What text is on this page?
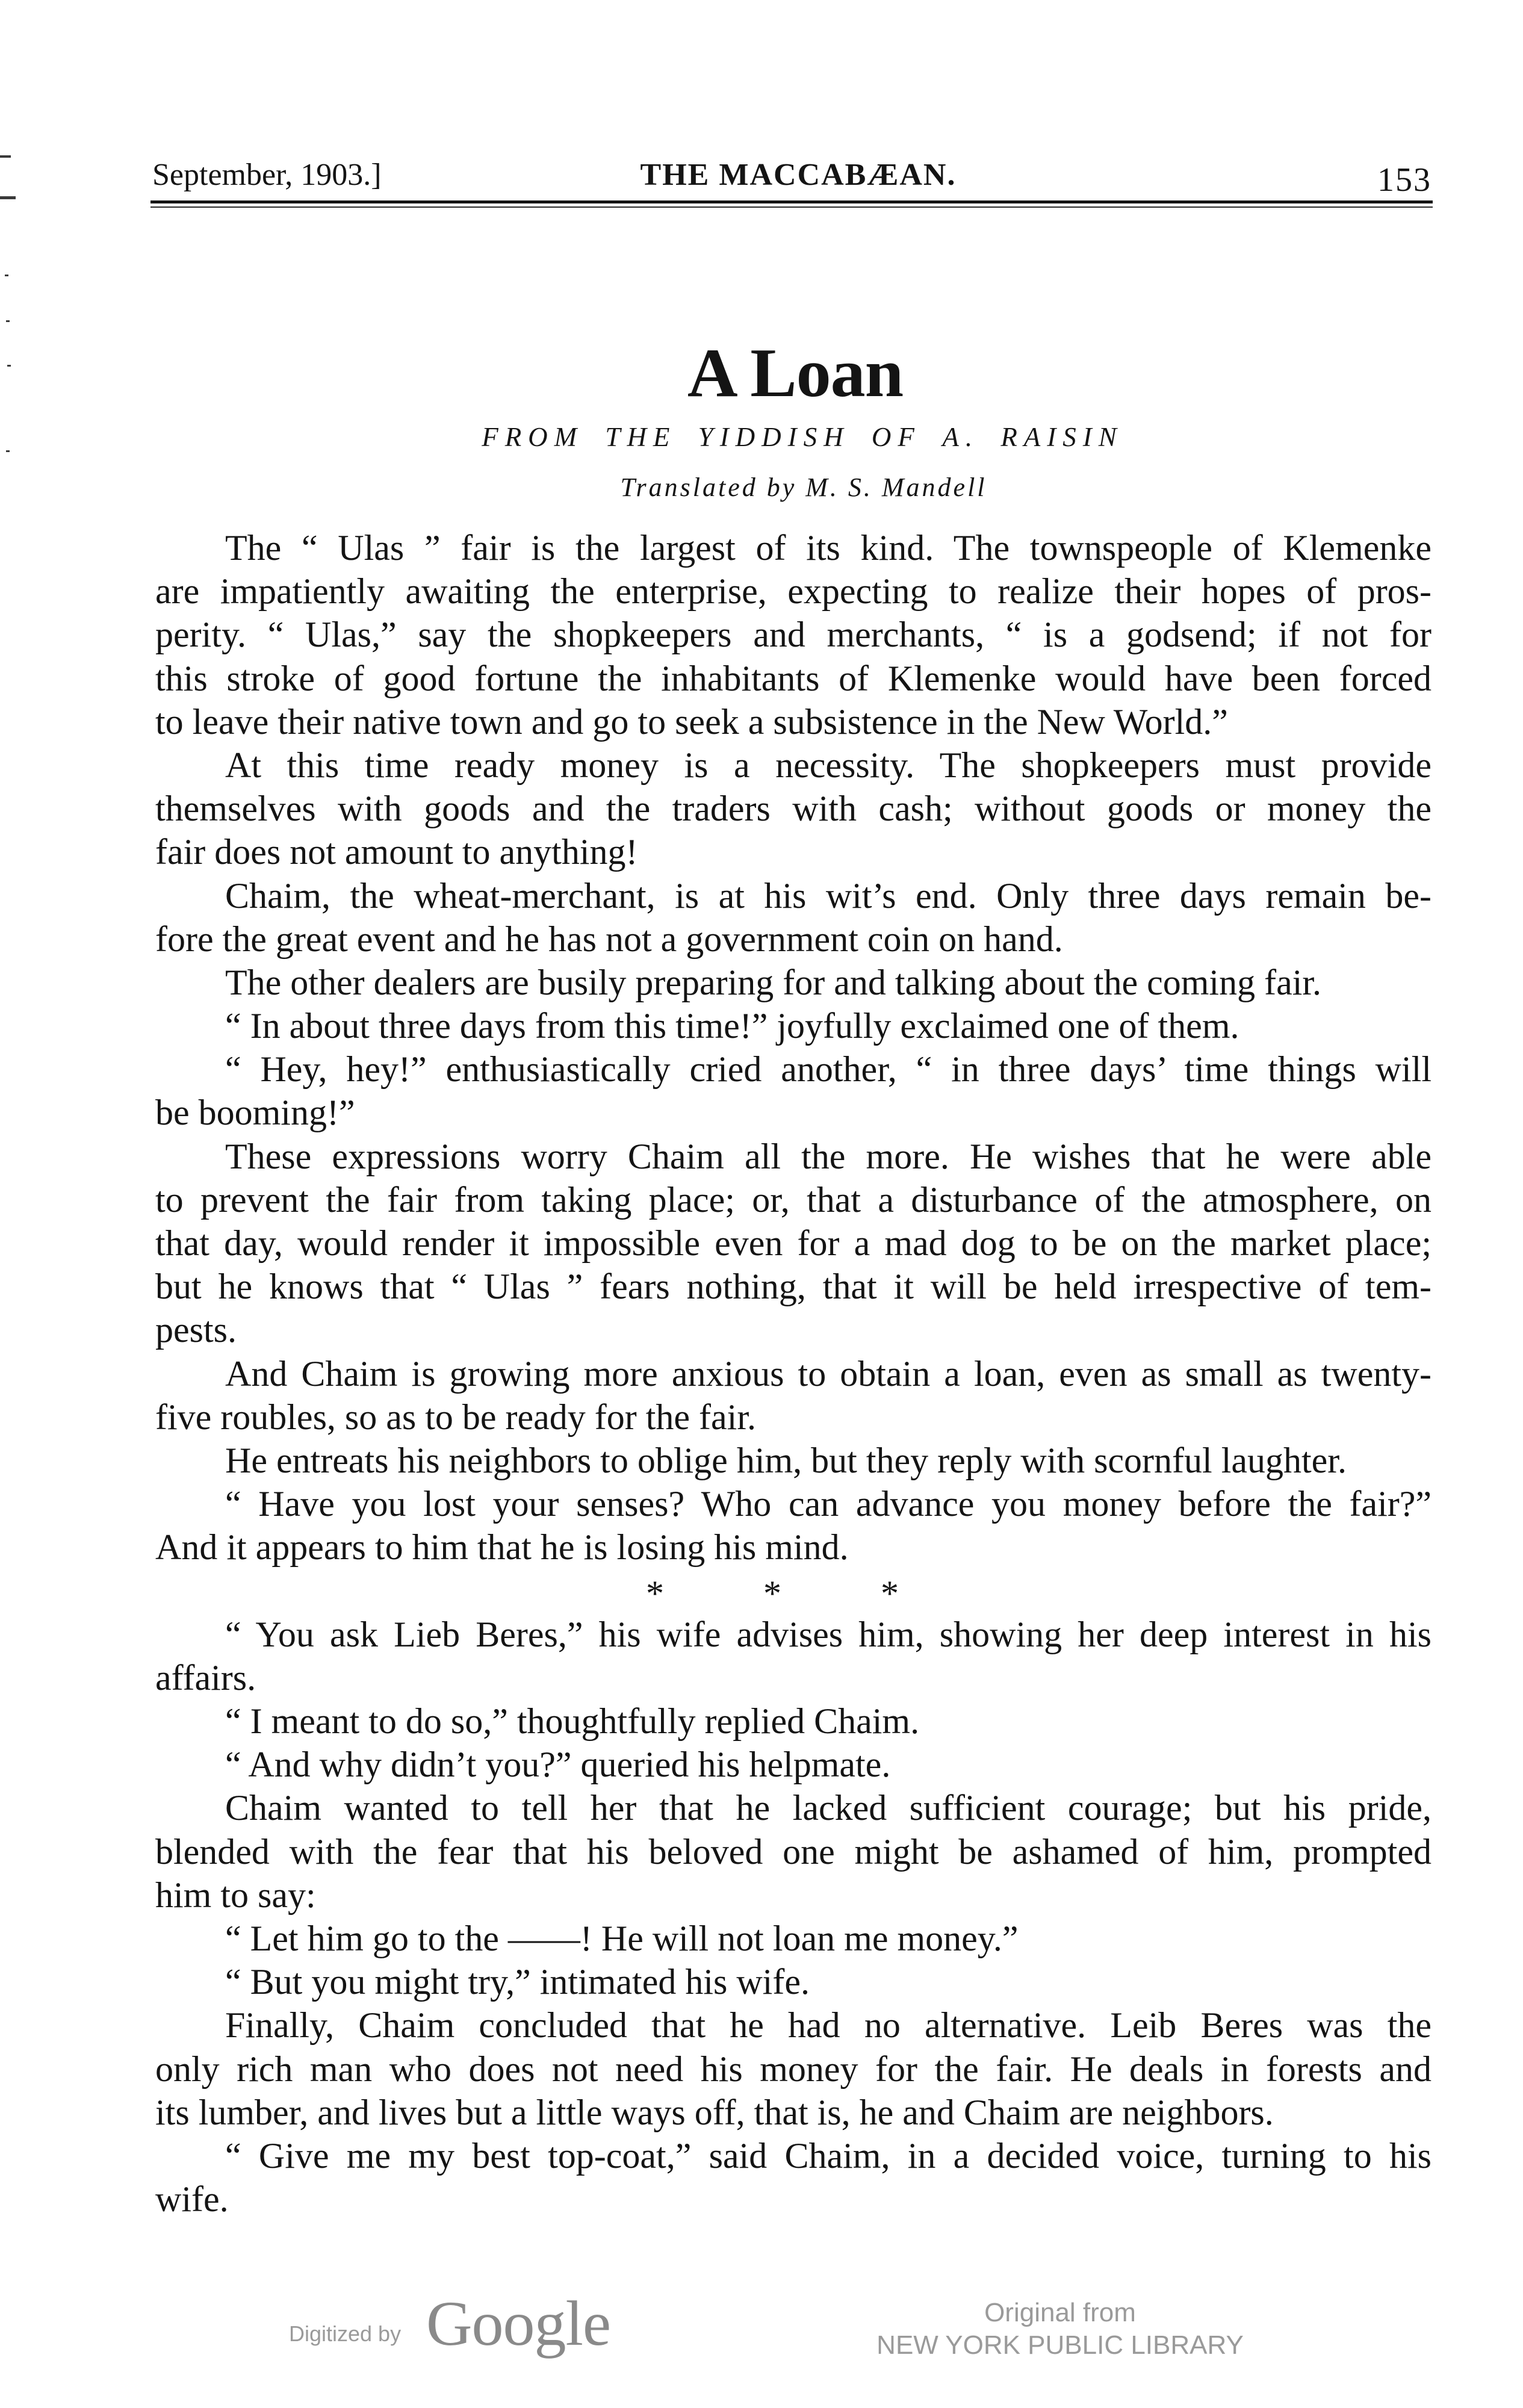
September, 1903.]	THE MACCABÆAN.	153
A Loan
FROM THE YIDDISH OF A. RAISIN
Translated by M. S. Mandell
The “ Ulas ” fair is the largest of its kind. The townspeople of Klemenke
are impatiently awaiting the enterprise, expecting to realize their hopes of pros-
perity. “ Ulas,” say the shopkeepers and merchants, “ is a godsend; if not for
this stroke of good fortune the inhabitants of Klemenke would have been forced
to leave their native town and go to seek a subsistence in the New World.”
At this time ready money is a necessity. The shopkeepers must provide
themselves with goods and the traders with cash; without goods or money the
fair does not amount to anything!
Chaim, the wheat-merchant, is at his wit’s end. Only three days remain be-
fore the great event and he has not a government coin on hand.
The other dealers are busily preparing for and talking about the coming fair.
“ In about three days from this time!” joyfully exclaimed one of them.
“ Hey, hey!” enthusiastically cried another, “ in three days’ time things will
be booming!”
These expressions worry Chaim all the more. He wishes that he were able
to prevent the fair from taking place; or, that a disturbance of the atmosphere, on
that day, would render it impossible even for a mad dog to be on the market place;
but he knows that “ Ulas ” fears nothing, that it will be held irrespective of tem-
pests.
And Chaim is growing more anxious to obtain a loan, even as small as twenty-
five roubles, so as to be ready for the fair.
He entreats his neighbors to oblige him, but they reply with scornful laughter.
“ Have you lost your senses? Who can advance you money before the fair?”
And it appears to him that he is losing his mind.
* * *
“ You ask Lieb Beres,” his wife advises him, showing her deep interest in his
affairs.
“ I meant to do so,” thoughtfully replied Chaim.
“ And why didn’t you?” queried his helpmate.
Chaim wanted to tell her that he lacked sufficient courage; but his pride,
blended with the fear that his beloved one might be ashamed of him, prompted
him to say:
“ Let him go to the ——! He will not loan me money.”
“ But you might try,” intimated his wife.
Finally, Chaim concluded that he had no alternative. Leib Beres was the
only rich man who does not need his money for the fair. He deals in forests and
its lumber, and lives but a little ways off, that is, he and Chaim are neighbors.
“ Give me my best top-coat,” said Chaim, in a decided voice, turning to his
wife.
Digitized by Google	Original from
NEW YORK PUBLIC LIBRARY
